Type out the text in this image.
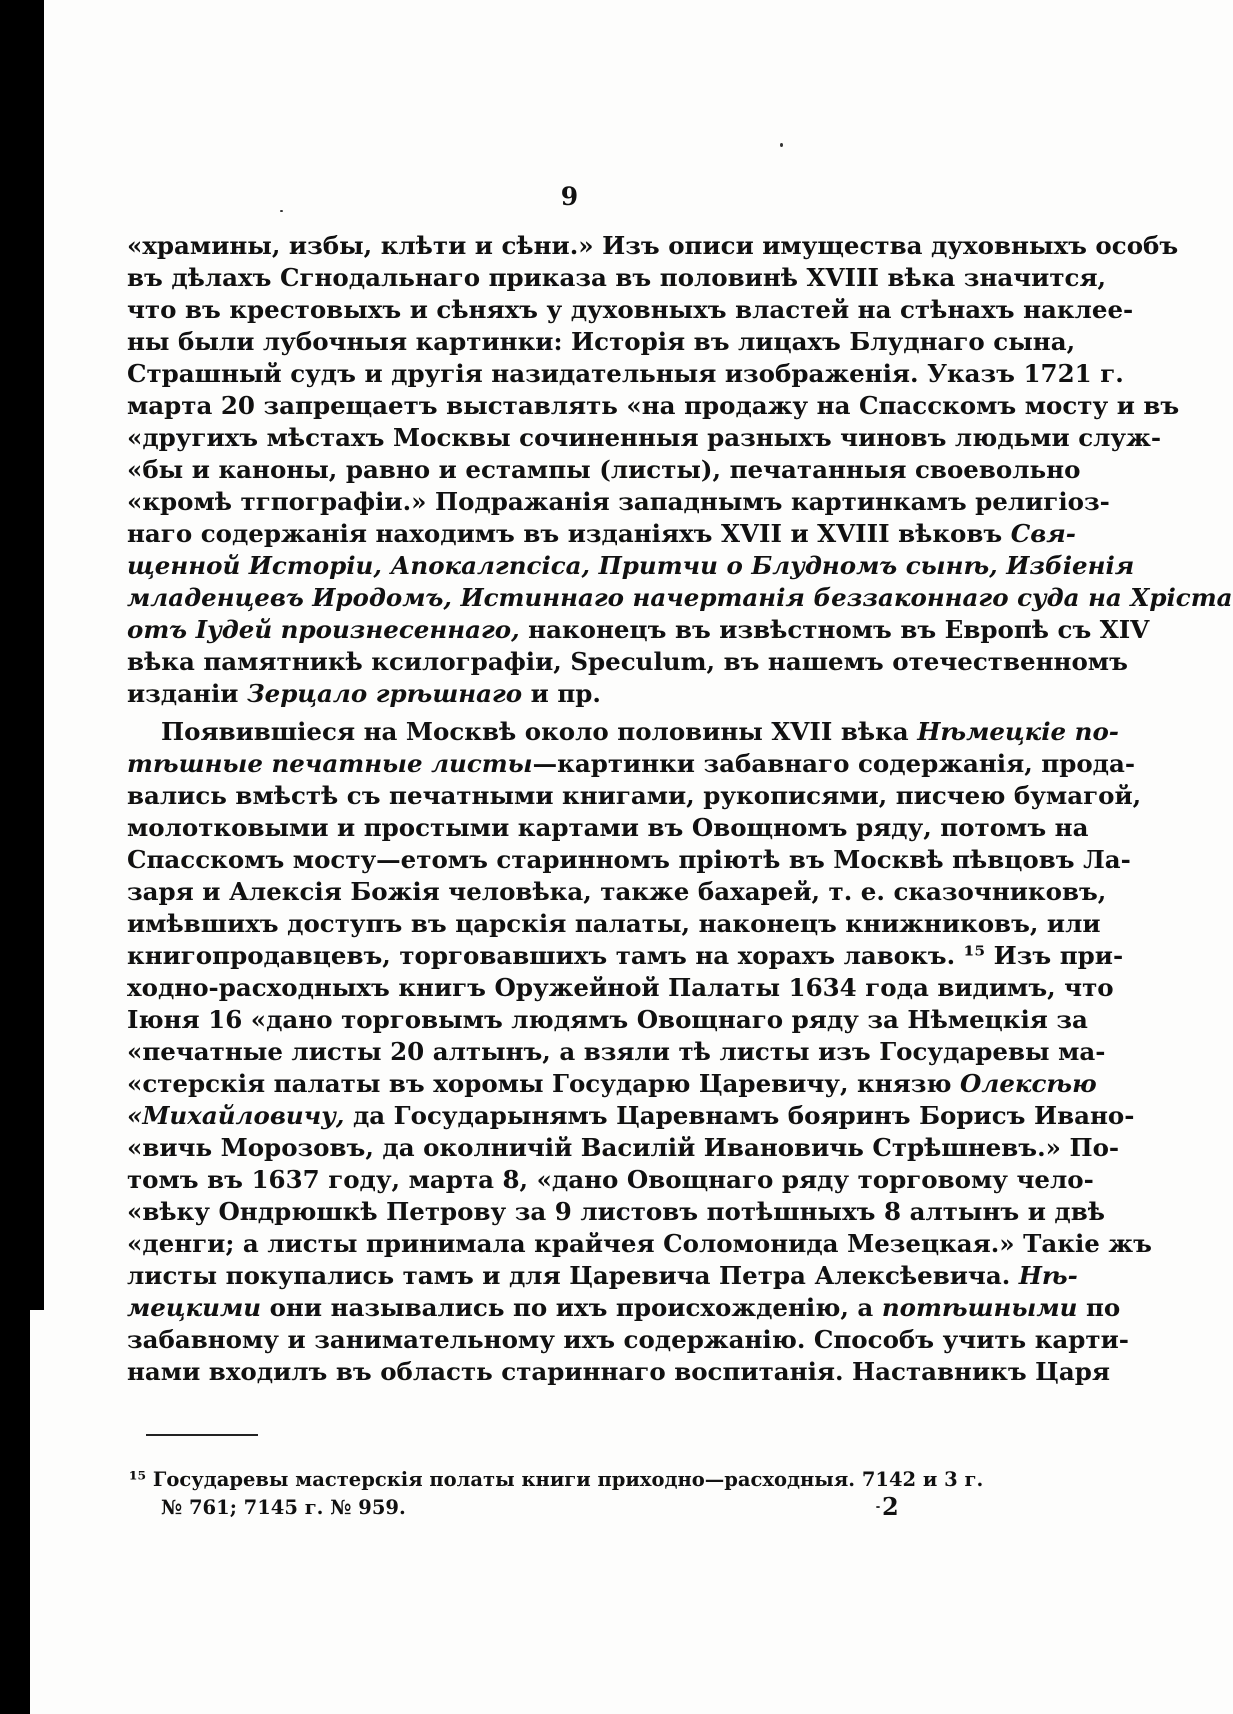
9
«храмины, избы, клѣти и сѣни.» Изъ описи имущества духовныхъ особъ
въ дѣлахъ Сгнодальнаго приказа въ половинѣ XVIII вѣка значится,
что въ крестовыхъ и сѣняхъ у духовныхъ властей на стѣнахъ наклее-
ны были лубочныя картинки: Исторія въ лицахъ Блуднаго сына,
Страшный судъ и другія назидательныя изображенія. Указъ 1721 г.
марта 20 запрещаетъ выставлять «на продажу на Спасскомъ мосту и въ
«другихъ мѣстахъ Москвы сочиненныя разныхъ чиновъ людьми служ-
«бы и каноны, равно и естампы (листы), печатанныя своевольно
«кромѣ тгпографіи.» Подражанія западнымъ картинкамъ религіоз-
наго содержанія находимъ въ изданіяхъ XVII и XVIII вѣковъ Свя-
щенной Исторіи, Апокалгпсіса, Притчи о Блудномъ сынѣ, Избіенія
младенцевъ Иродомъ, Истиннаго начертанія беззаконнаго суда на Хріста
отъ Іудей произнесеннаго, наконецъ въ извѣстномъ въ Европѣ съ XIV
вѣка памятникѣ ксилографіи, Speculum, въ нашемъ отечественномъ
изданіи Зерцало грѣшнаго и пр.
Появившіеся на Москвѣ около половины XVII вѣка Нѣмецкіе по-
тѣшные печатные листы—картинки забавнаго содержанія, прода-
вались вмѣстѣ съ печатными книгами, рукописями, писчею бумагой,
молотковыми и простыми картами въ Овощномъ ряду, потомъ на
Спасскомъ мосту—етомъ старинномъ пріютѣ въ Москвѣ пѣвцовъ Ла-
заря и Алексія Божія человѣка, также бахарей, т. е. сказочниковъ,
имѣвшихъ доступъ въ царскія палаты, наконецъ книжниковъ, или
книгопродавцевъ, торговавшихъ тамъ на хорахъ лавокъ. ¹⁵ Изъ при-
ходно-расходныхъ книгъ Оружейной Палаты 1634 года видимъ, что
Іюня 16 «дано торговымъ людямъ Овощнаго ряду за Нѣмецкія за
«печатные листы 20 алтынъ, а взяли тѣ листы изъ Государевы ма-
«стерскія палаты въ хоромы Государю Царевичу, князю Олексѣю
«Михайловичу, да Государынямъ Царевнамъ бояринъ Борисъ Ивано-
«вичь Морозовъ, да околничій Василій Ивановичь Стрѣшневъ.» По-
томъ въ 1637 году, марта 8, «дано Овощнаго ряду торговому чело-
«вѣку Ондрюшкѣ Петрову за 9 листовъ потѣшныхъ 8 алтынъ и двѣ
«денги; а листы принимала крайчея Соломонида Мезецкая.» Такіе жъ
листы покупались тамъ и для Царевича Петра Алексѣевича. Нѣ-
мецкими они назывались по ихъ происхожденію, а потѣшными по
забавному и занимательному ихъ содержанію. Способъ учить карти-
нами входилъ въ область стариннаго воспитанія. Наставникъ Царя
¹⁵ Государевы мастерскія полаты книги приходно—расходныя. 7142 и 3 г.
№ 761; 7145 г. № 959.	2
